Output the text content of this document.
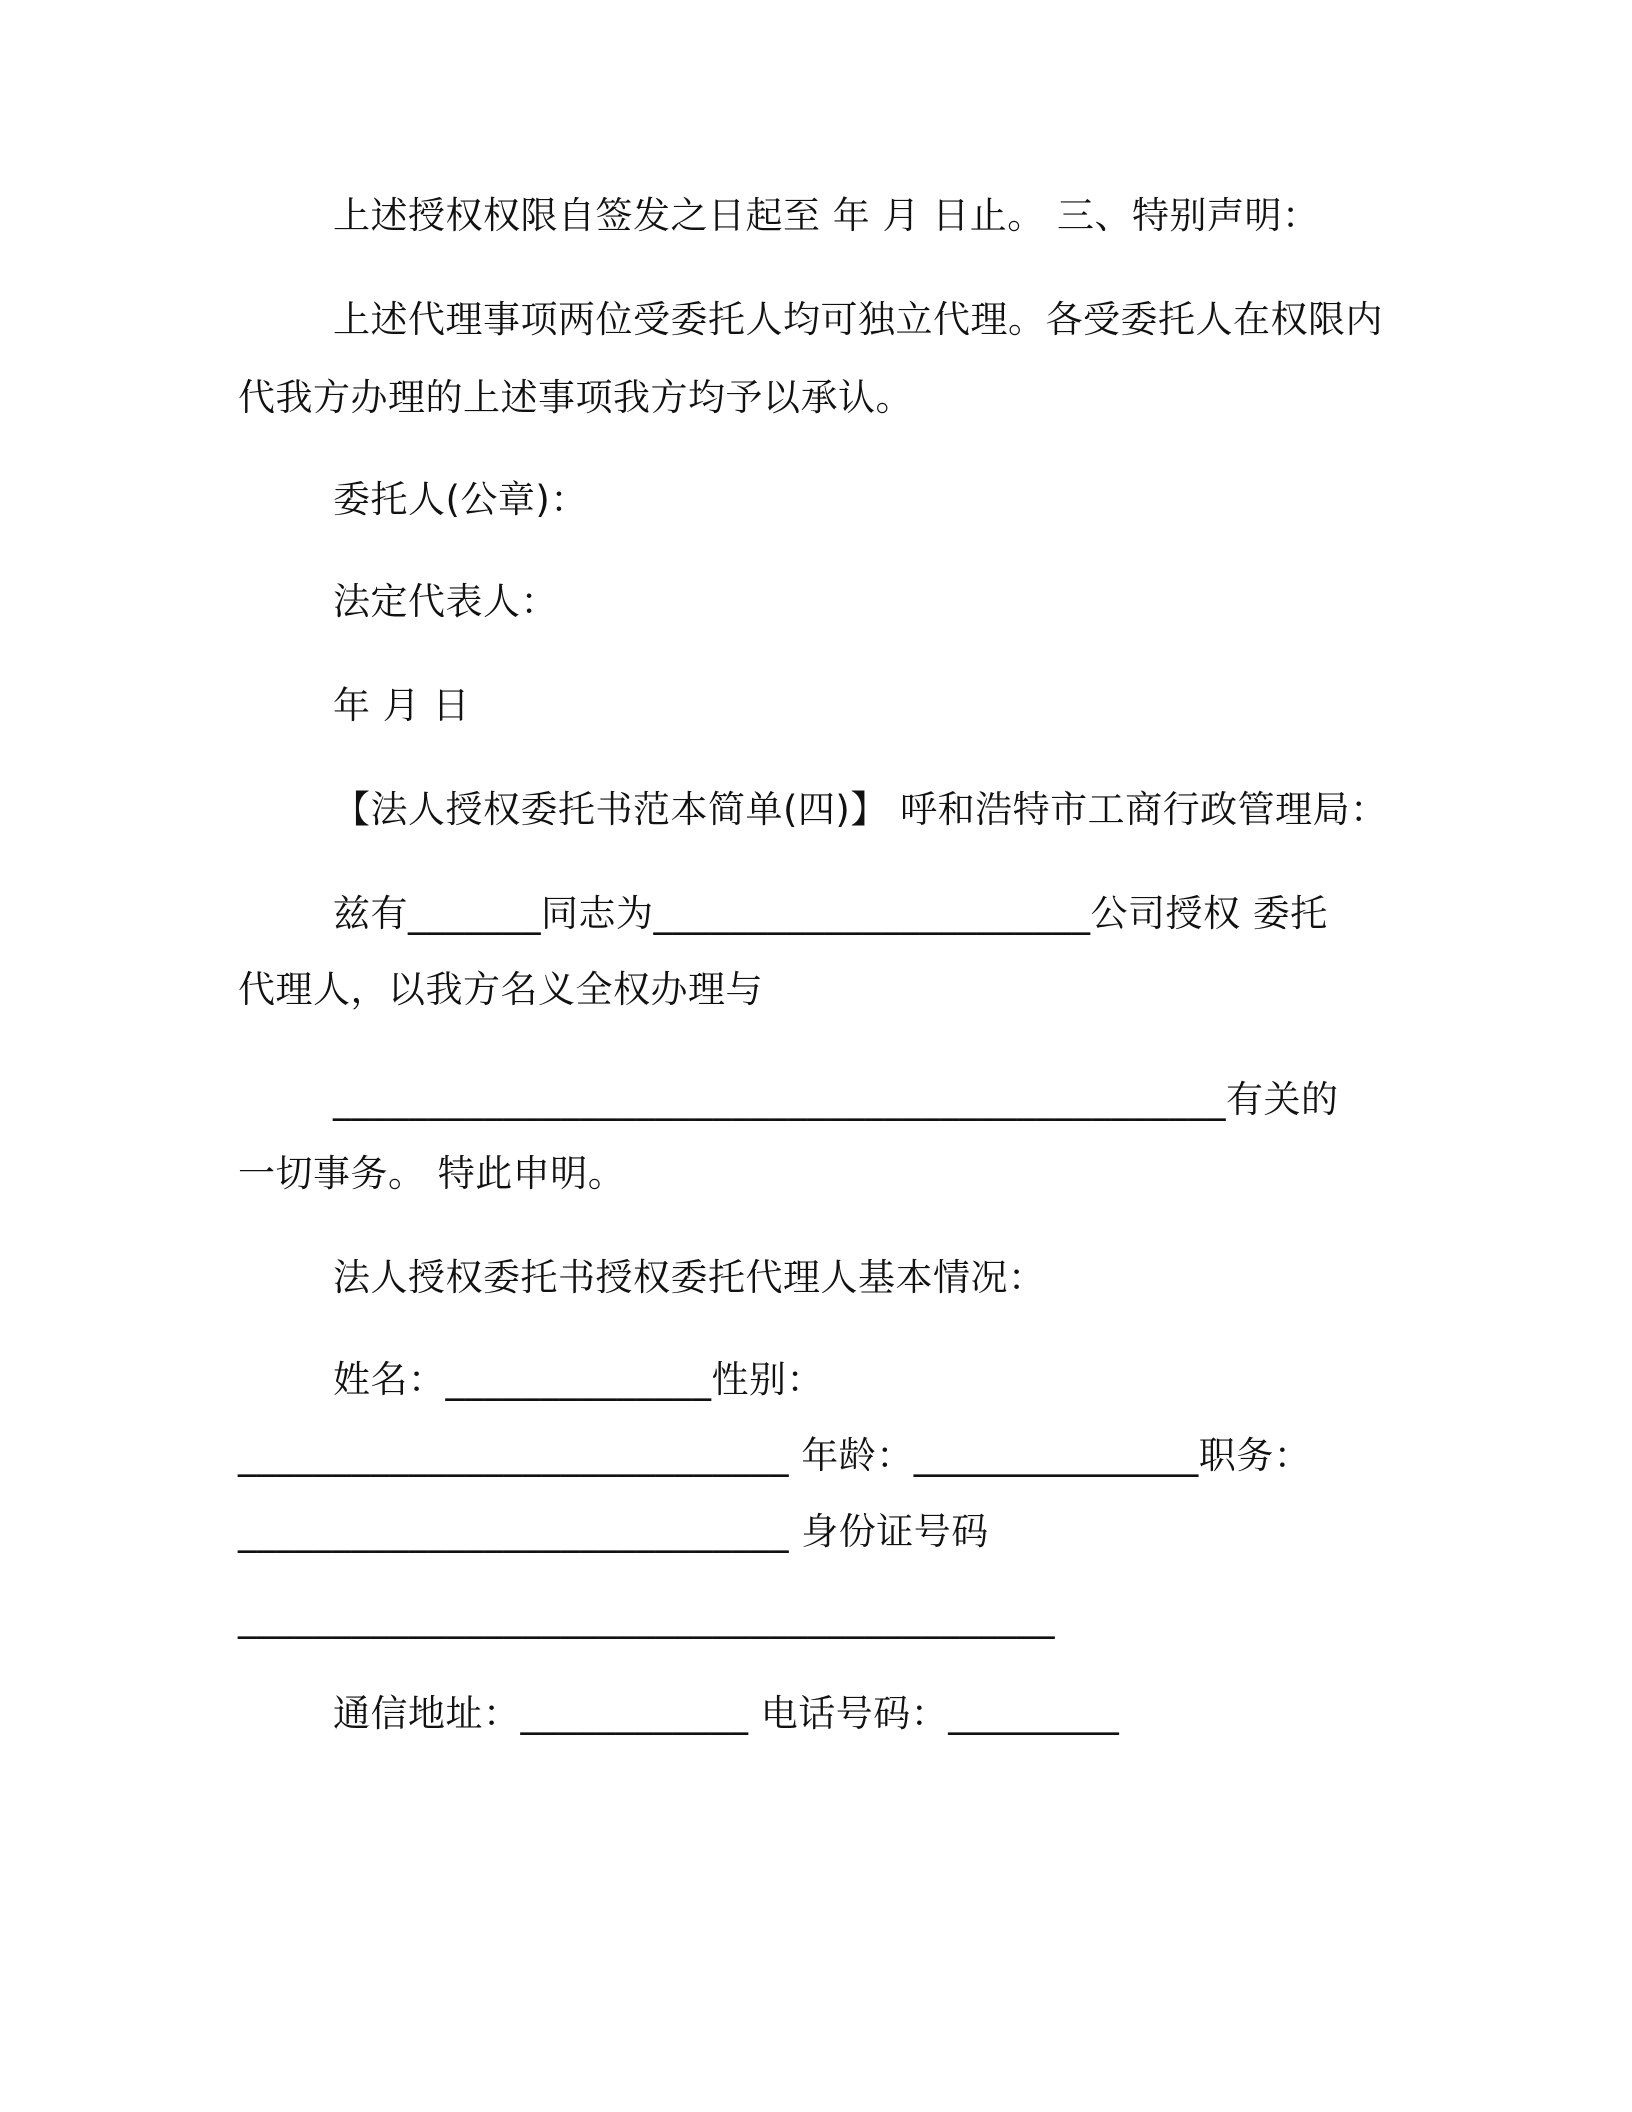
上述授权权限自签发之日起至 年 月 日止。 三、特别声明：
上述代理事项两位受委托人均可独立代理。各受委托人在权限内
代我方办理的上述事项我方均予以承认。
委托人(公章)：
法定代表人：
年 月 日
【法人授权委托书范本简单(四)】 呼和浩特市工商行政管理局：
兹有_______同志为_______________________公司授权 委托
代理人，以我方名义全权办理与
_______________________________________________有关的
一切事务。 特此申明。
法人授权委托书授权委托代理人基本情况：
姓名：______________性别：
_____________________________ 年龄：_______________职务：
_____________________________ 身份证号码
___________________________________________
通信地址：____________ 电话号码：_________
